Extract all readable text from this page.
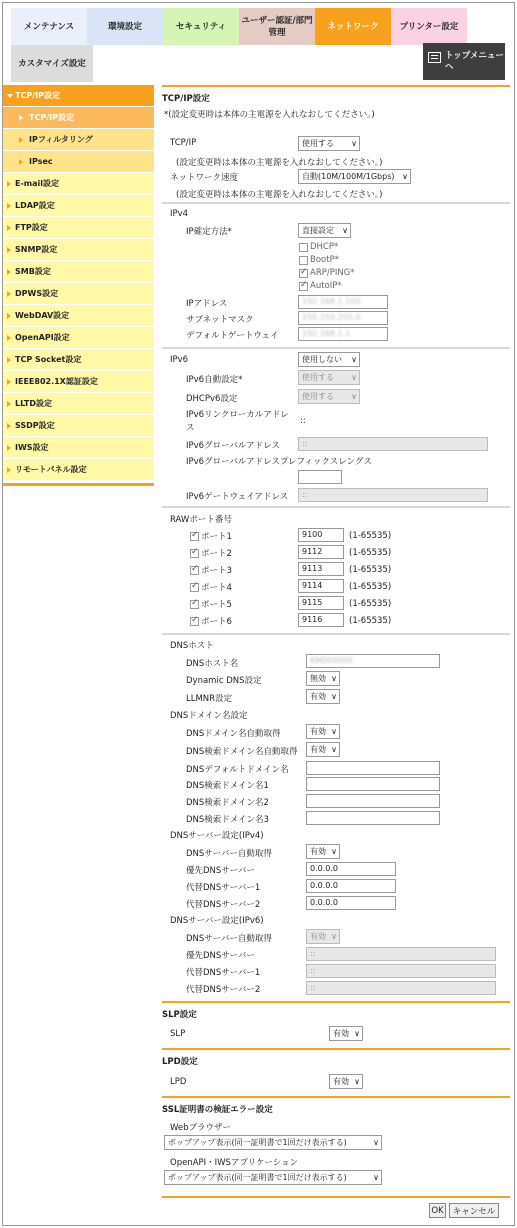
メンテナンス	環境設定	セキュリティ
ユーザー認証/部門管理
ネットワーク	プリンター設定
カスタマイズ設定
トップメニューへ
TCP/IP設定
TCP/IP設定
IPフィルタリング
IPsec
E-mail設定
LDAP設定
FTP設定
SNMP設定
SMB設定
DPWS設定
WebDAV設定
OpenAPI設定
TCP Socket設定
IEEE802.1X認証設定
LLTD設定
SSDP設定
IWS設定
リモートパネル設定
TCP/IP設定
*(設定変更時は本体の主電源を入れなおしてください。)
TCP/IP	使用する ∨
(設定変更時は本体の主電源を入れなおしてください。)
ネットワーク速度	自動(10M/100M/1Gbps) ∨
(設定変更時は本体の主電源を入れなおしてください。)
IPv4
IP確定方法*	直接設定 ∨
DHCP*
BootP*
✓
ARP/PING*
✓
AutoIP*
IPアドレス	192.168.1.100
サブネットマスク	255.255.255.0
デフォルトゲートウェイ	192.168.1.1
IPv6	使用しない ∨
IPv6自動設定*	使用する ∨
DHCPv6設定	使用する ∨
IPv6リンクローカルアドレス
::
IPv6グローバルアドレス	::
IPv6グローバルアドレスプレフィックスレングス
IPv6ゲートウェイアドレス	::
RAWポート番号
✓
ポート1	9100	(1-65535)
✓
ポート2	9112	(1-65535)
✓
ポート3	9113	(1-65535)
✓
ポート4	9114	(1-65535)
✓
ポート5	9115	(1-65535)
✓
ポート6	9116	(1-65535)
DNSホスト
DNSホスト名	KM000000
Dynamic DNS設定	無効 ∨
LLMNR設定	有効 ∨
DNSドメイン名設定
DNSドメイン名自動取得	有効 ∨
DNS検索ドメイン名自動取得	有効 ∨
DNSデフォルトドメイン名
DNS検索ドメイン名1
DNS検索ドメイン名2
DNS検索ドメイン名3
DNSサーバー設定(IPv4)
DNSサーバー自動取得	有効 ∨
優先DNSサーバー	0.0.0.0
代替DNSサーバー1	0.0.0.0
代替DNSサーバー2	0.0.0.0
DNSサーバー設定(IPv6)
DNSサーバー自動取得	有効 ∨
優先DNSサーバー	::
代替DNSサーバー1	::
代替DNSサーバー2	::
SLP設定
SLP	有効 ∨
LPD設定
LPD	有効 ∨
SSL証明書の検証エラー設定
Webブラウザー
ポップアップ表示(同一証明書で1回だけ表示する) ∨
OpenAPI・IWSアプリケーション
ポップアップ表示(同一証明書で1回だけ表示する) ∨
OK	キャンセル
